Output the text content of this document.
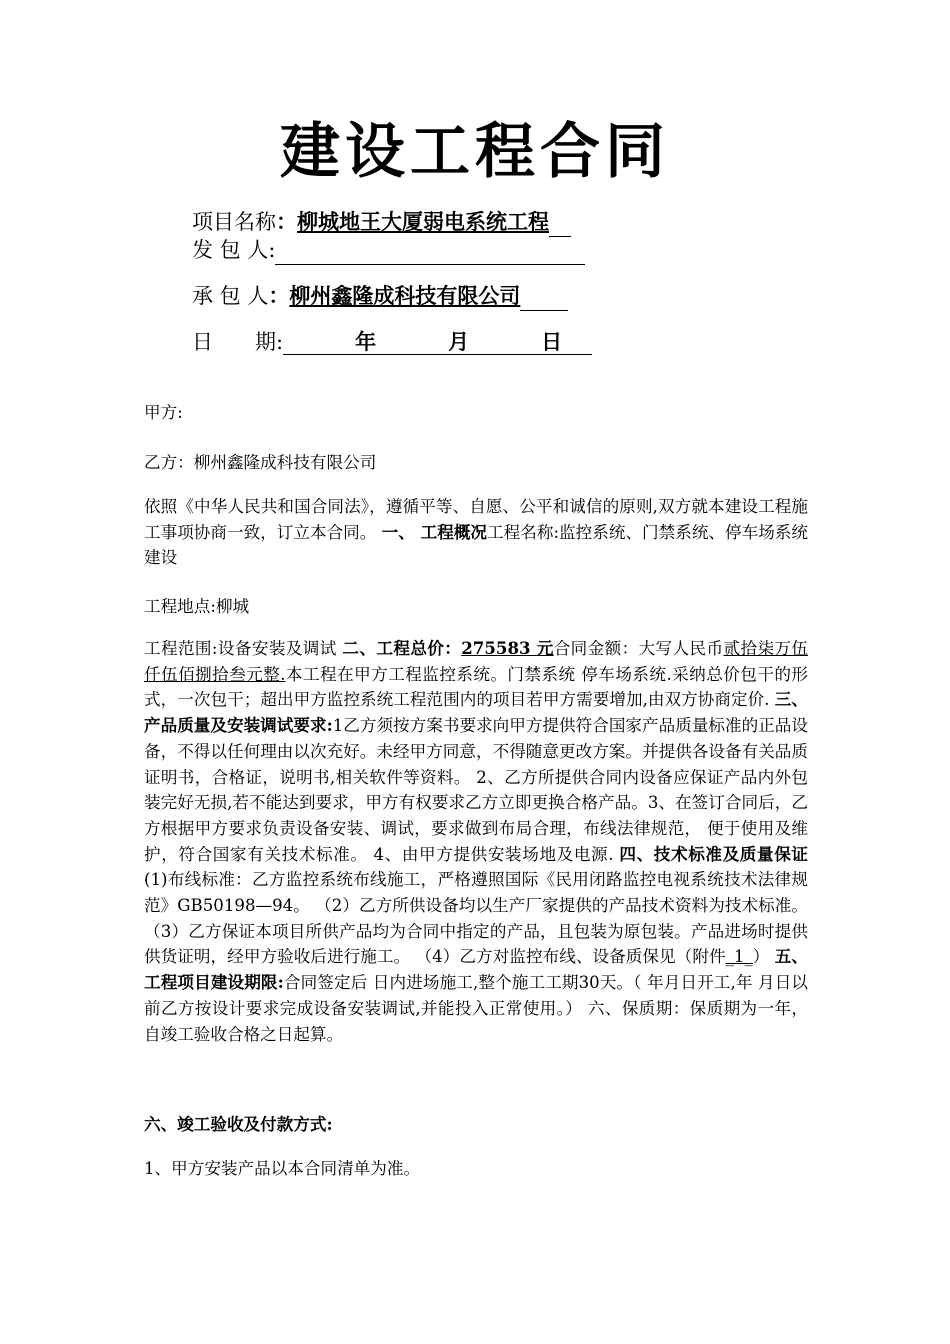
建设工程合同
项目名称：柳城地王大厦弱电系统工程
发 包 人:
承 包 人：柳州鑫隆成科技有限公司
日　　期:	年	月	日
甲方:
乙方：柳州鑫隆成科技有限公司
依照《中华人民共和国合同法》，遵循平等、自愿、公平和诚信的原则,双方就本建设工程施工事项协商一致，订立本合同。 一、 工程概况工程名称:监控系统、门禁系统、停车场系统建设
工程地点:柳城
工程范围:设备安装及调试 二、工程总价：275583 元合同金额：大写人民币贰拾柒万伍仟伍佰捌拾叁元整.本工程在甲方工程监控系统。门禁系统 停车场系统.采纳总价包干的形式，一次包干；超出甲方监控系统工程范围内的项目若甲方需要增加,由双方协商定价. 三、产品质量及安装调试要求:1乙方须按方案书要求向甲方提供符合国家产品质量标准的正品设备，不得以任何理由以次充好。未经甲方同意，不得随意更改方案。并提供各设备有关品质证明书，合格证，说明书,相关软件等资料。 2、乙方所提供合同内设备应保证产品内外包装完好无损,若不能达到要求，甲方有权要求乙方立即更换合格产品。3、在签订合同后，乙方根据甲方要求负责设备安装、调试，要求做到布局合理，布线法律规范， 便于使用及维护，符合国家有关技术标准。 4、由甲方提供安装场地及电源. 四、技术标准及质量保证 (1)布线标准：乙方监控系统布线施工，严格遵照国际《民用闭路监控电视系统技术法律规范》GB50198—94。 （2）乙方所供设备均以生产厂家提供的产品技术资料为技术标准。 （3）乙方保证本项目所供产品均为合同中指定的产品，且包装为原包装。产品进场时提供 供货证明，经甲方验收后进行施工。 （4）乙方对监控布线、设备质保见（附件_1_） 五、工程项目建设期限:合同签定后 日内进场施工,整个施工工期30天。（ 年月日开工,年 月日以前乙方按设计要求完成设备安装调试,并能投入正常使用。） 六、保质期：保质期为一年，自竣工验收合格之日起算。
六、竣工验收及付款方式:
1、甲方安装产品以本合同清单为准。
